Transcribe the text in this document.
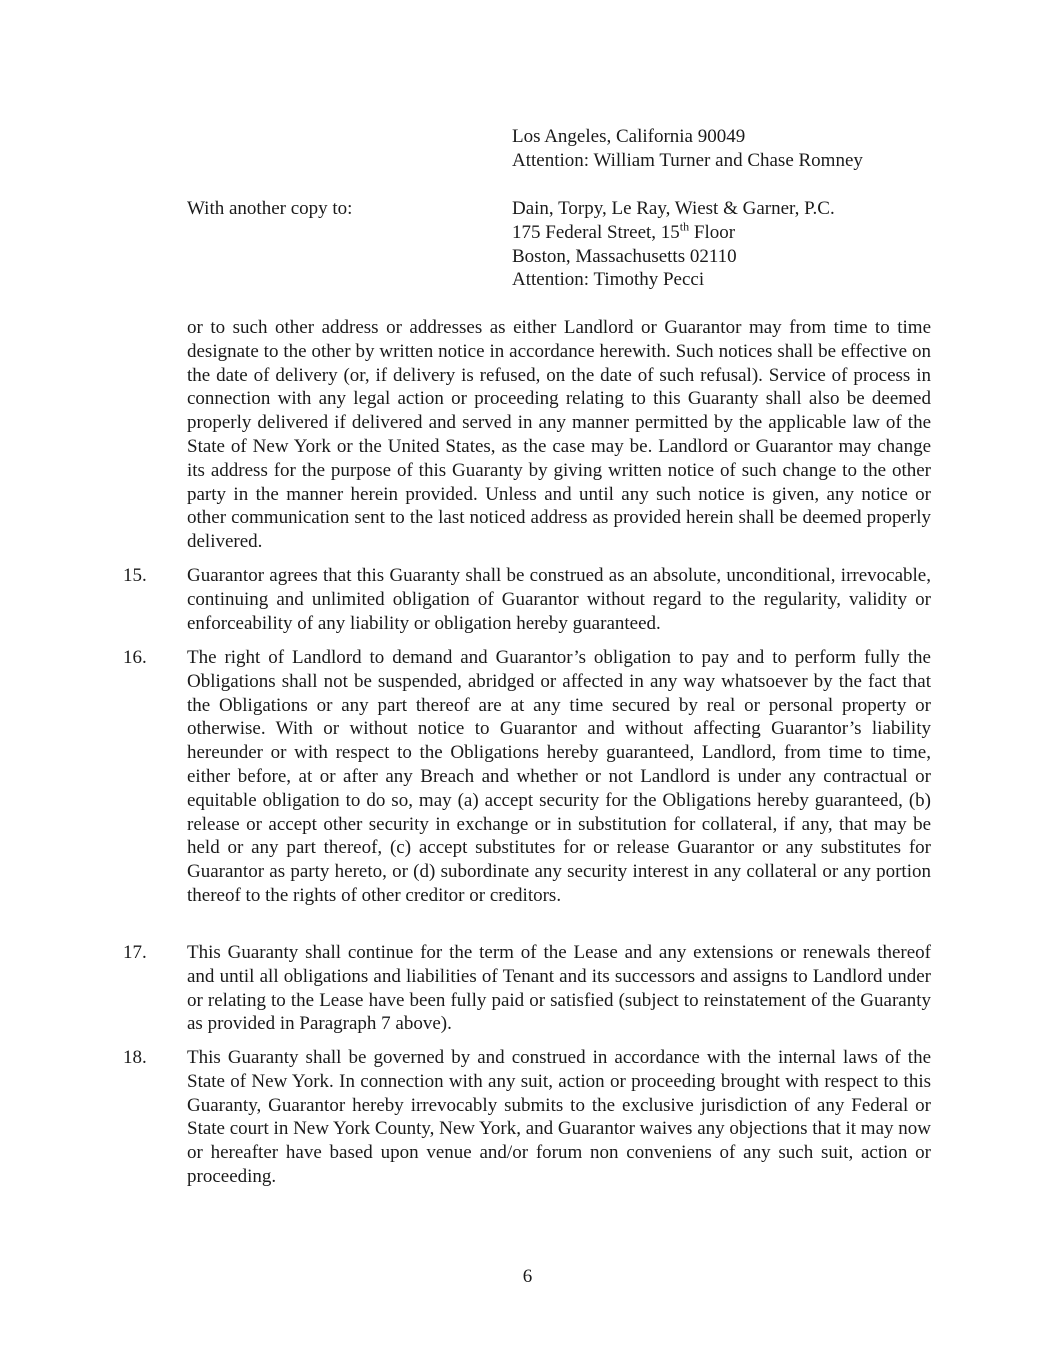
Los Angeles, California 90049
Attention: William Turner and Chase Romney
With another copy to:	Dain, Torpy, Le Ray, Wiest & Garner, P.C.
175 Federal Street, 15th Floor
Boston, Massachusetts 02110
Attention: Timothy Pecci
or to such other address or addresses as either Landlord or Guarantor may from time to time designate to the other by written notice in accordance herewith. Such notices shall be effective on the date of delivery (or, if delivery is refused, on the date of such refusal). Service of process in connection with any legal action or proceeding relating to this Guaranty shall also be deemed properly delivered if delivered and served in any manner permitted by the applicable law of the State of New York or the United States, as the case may be. Landlord or Guarantor may change its address for the purpose of this Guaranty by giving written notice of such change to the other party in the manner herein provided. Unless and until any such notice is given, any notice or other communication sent to the last noticed address as provided herein shall be deemed properly delivered.
15. Guarantor agrees that this Guaranty shall be construed as an absolute, unconditional, irrevocable, continuing and unlimited obligation of Guarantor without regard to the regularity, validity or enforceability of any liability or obligation hereby guaranteed.
16. The right of Landlord to demand and Guarantor’s obligation to pay and to perform fully the Obligations shall not be suspended, abridged or affected in any way whatsoever by the fact that the Obligations or any part thereof are at any time secured by real or personal property or otherwise. With or without notice to Guarantor and without affecting Guarantor’s liability hereunder or with respect to the Obligations hereby guaranteed, Landlord, from time to time, either before, at or after any Breach and whether or not Landlord is under any contractual or equitable obligation to do so, may (a) accept security for the Obligations hereby guaranteed, (b) release or accept other security in exchange or in substitution for collateral, if any, that may be held or any part thereof, (c) accept substitutes for or release Guarantor or any substitutes for Guarantor as party hereto, or (d) subordinate any security interest in any collateral or any portion thereof to the rights of other creditor or creditors.
17. This Guaranty shall continue for the term of the Lease and any extensions or renewals thereof and until all obligations and liabilities of Tenant and its successors and assigns to Landlord under or relating to the Lease have been fully paid or satisfied (subject to reinstatement of the Guaranty as provided in Paragraph 7 above).
18. This Guaranty shall be governed by and construed in accordance with the internal laws of the State of New York. In connection with any suit, action or proceeding brought with respect to this Guaranty, Guarantor hereby irrevocably submits to the exclusive jurisdiction of any Federal or State court in New York County, New York, and Guarantor waives any objections that it may now or hereafter have based upon venue and/or forum non conveniens of any such suit, action or proceeding.
6
